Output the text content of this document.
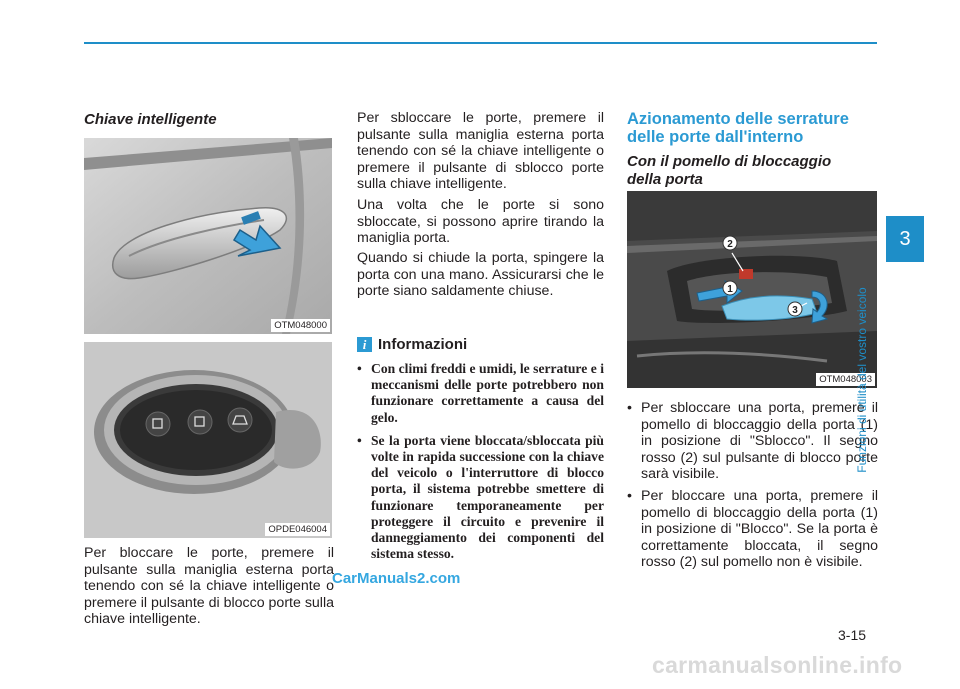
Chiave intelligente
OTM048000
OPDE046004

Per bloccare le porte, premere il pulsante sulla maniglia esterna porta tenendo con sé la chiave intelligente o premere il pulsante di blocco porte sulla chiave intelligente.

Per sbloccare le porte, premere il pulsante sulla maniglia esterna porta tenendo con sé la chiave intelligente o premere il pulsante di sblocco porte sulla chiave intelligente.

Una volta che le porte si sono sbloccate, si possono aprire tirando la maniglia porta.

Quando si chiude la porta, spingere la porta con una mano. Assicurarsi che le porte siano saldamente chiuse.

i Informazioni
• Con climi freddi e umidi, le serrature e i meccanismi delle porte potrebbero non funzionare correttamente a causa del gelo.
• Se la porta viene bloccata/sbloccata più volte in rapida successione con la chiave del veicolo o l'interruttore di blocco porta, il sistema potrebbe smettere di funzionare temporaneamente per proteggere il circuito e prevenire il danneggiamento dei componenti del sistema stesso.
Azionamento delle serrature delle porte dall'interno
Con il pomello di bloccaggio della porta
2
1
3
OTM048003
• Per sbloccare una porta, premere il pomello di bloccaggio della porta (1) in posizione di "Sblocco". Il segno rosso (2) sul pulsante di blocco porte sarà visibile.
• Per bloccare una porta, premere il pomello di bloccaggio della porta (1) in posizione di "Blocco". Se la porta è correttamente bloccata, il segno rosso (2) sul pomello non è visibile.
3
Funzioni di utilità del vostro veicolo
3-15
CarManuals2.com
carmanualsonline.info
